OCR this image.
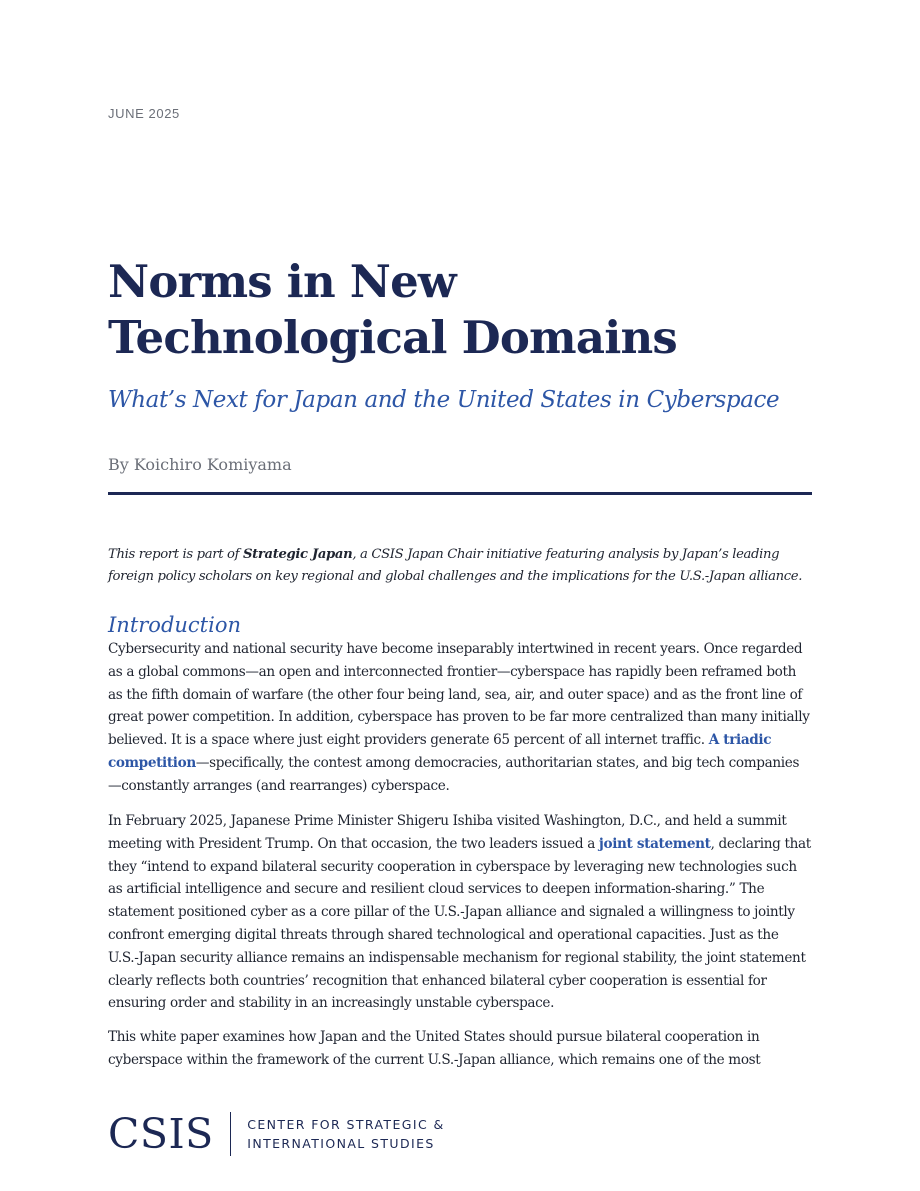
JUNE 2025
Norms in New
Technological Domains
What’s Next for Japan and the United States in Cyberspace
By Koichiro Komiyama

This report is part of Strategic Japan, a CSIS Japan Chair initiative featuring analysis by Japan’s leading foreign policy scholars on key regional and global challenges and the implications for the U.S.-Japan alliance.

Introduction

Cybersecurity and national security have become inseparably intertwined in recent years. Once regarded as a global commons—an open and interconnected frontier—cyberspace has rapidly been reframed both as the fifth domain of warfare (the other four being land, sea, air, and outer space) and as the front line of great power competition. In addition, cyberspace has proven to be far more centralized than many initially believed. It is a space where just eight providers generate 65 percent of all internet traffic. A triadic competition—specifically, the contest among democracies, authoritarian states, and big tech companies—constantly arranges (and rearranges) cyberspace.

In February 2025, Japanese Prime Minister Shigeru Ishiba visited Washington, D.C., and held a summit meeting with President Trump. On that occasion, the two leaders issued a joint statement, declaring that they “intend to expand bilateral security cooperation in cyberspace by leveraging new technologies such as artificial intelligence and secure and resilient cloud services to deepen information-sharing.” The statement positioned cyber as a core pillar of the U.S.-Japan alliance and signaled a willingness to jointly confront emerging digital threats through shared technological and operational capacities. Just as the U.S.-Japan security alliance remains an indispensable mechanism for regional stability, the joint statement clearly reflects both countries’ recognition that enhanced bilateral cyber cooperation is essential for ensuring order and stability in an increasingly unstable cyberspace.

This white paper examines how Japan and the United States should pursue bilateral cooperation in cyberspace within the framework of the current U.S.-Japan alliance, which remains one of the most

CSIS	CENTER FOR STRATEGIC &
INTERNATIONAL STUDIES
